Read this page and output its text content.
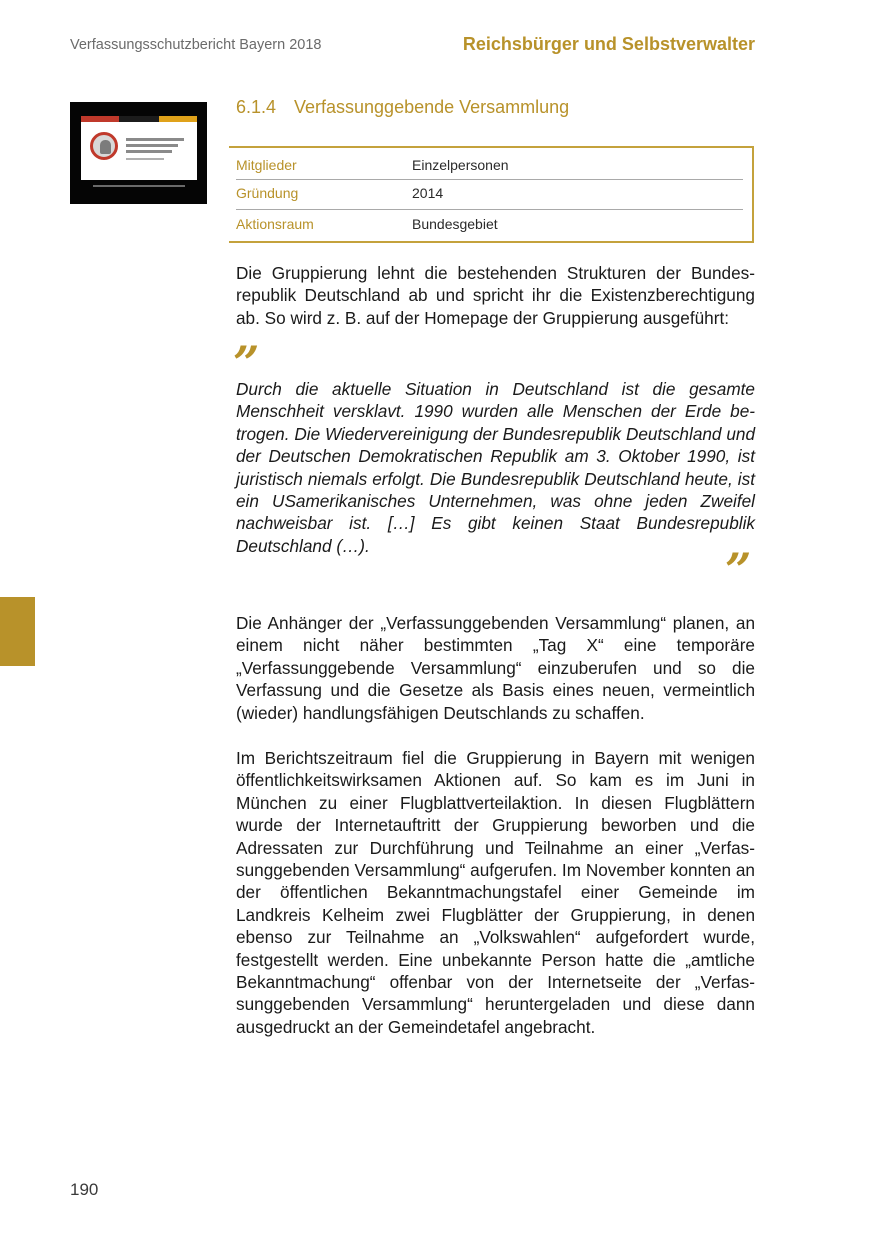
Verfassungsschutzbericht Bayern 2018	Reichsbürger und Selbstverwalter
6.1.4 Verfassunggebende Versammlung
Mitglieder	Einzelpersonen
Gründung	2014
Aktionsraum	Bundesgebiet

Die Gruppierung lehnt die bestehenden Strukturen der Bundesrepublik Deutschland ab und spricht ihr die Existenzberechtigung ab. So wird z. B. auf der Homepage der Gruppierung ausgeführt:

”

Durch die aktuelle Situation in Deutschland ist die gesamte Menschheit versklavt. 1990 wurden alle Menschen der Erde betrogen. Die Wiedervereinigung der Bundesrepublik Deutschland und der Deutschen Demokratischen Republik am 3. Oktober 1990, ist juristisch niemals erfolgt. Die Bundesrepublik Deutschland heute, ist ein USamerikanisches Unternehmen, was ohne jeden Zweifel nachweisbar ist. […] Es gibt keinen Staat Bundesrepublik Deutschland (…).	”

Die Anhänger der „Verfassunggebenden Versammlung“ planen, an einem nicht näher bestimmten „Tag X“ eine temporäre „Verfassunggebende Versammlung“ einzuberufen und so die Verfassung und die Gesetze als Basis eines neuen, vermeintlich (wieder) handlungsfähigen Deutschlands zu schaffen.

Im Berichtszeitraum fiel die Gruppierung in Bayern mit wenigen öffentlichkeitswirksamen Aktionen auf. So kam es im Juni in München zu einer Flugblattverteilaktion. In diesen Flugblättern wurde der Internetauftritt der Gruppierung beworben und die Adressaten zur Durchführung und Teilnahme an einer „Verfassunggebenden Versammlung“ aufgerufen. Im November konnten an der öffentlichen Bekanntmachungstafel einer Gemeinde im Landkreis Kelheim zwei Flugblätter der Gruppierung, in denen ebenso zur Teilnahme an „Volkswahlen“ aufgefordert wurde, festgestellt werden. Eine unbekannte Person hatte die „amtliche Bekanntmachung“ offenbar von der Internetseite der „Verfassunggebenden Versammlung“ heruntergeladen und diese dann ausgedruckt an der Gemeindetafel angebracht.

190
